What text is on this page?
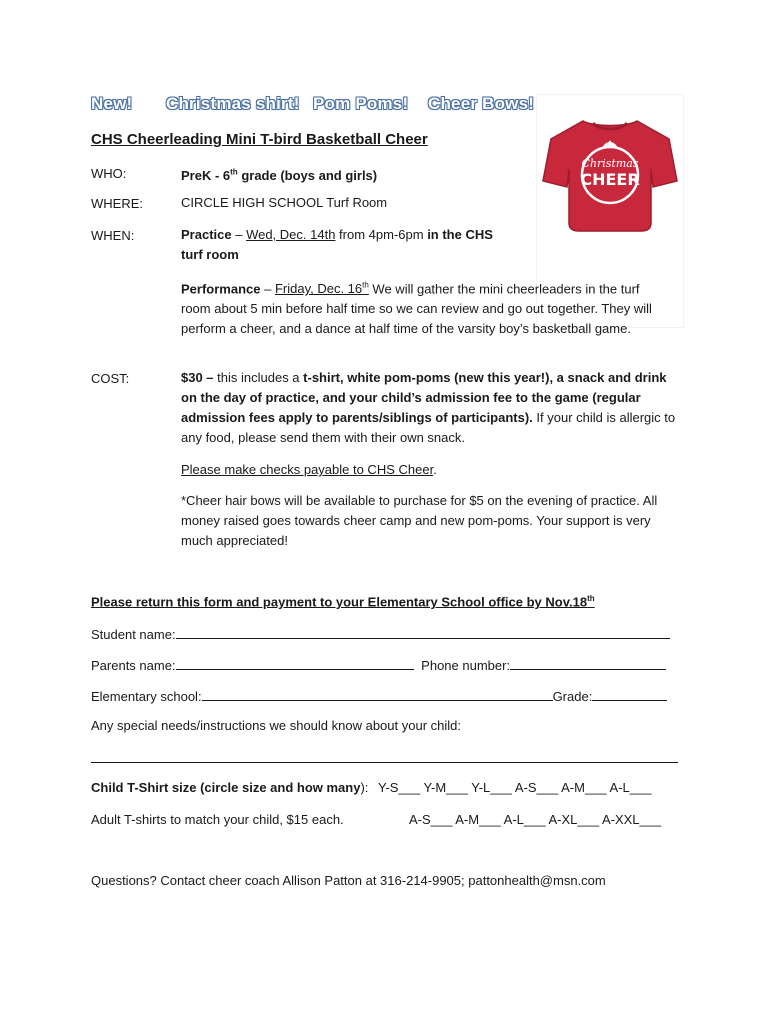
New! Christmas shirt! Pom Poms! Cheer Bows!
Christmas
CHEER
CHS Cheerleading Mini T-bird Basketball Cheer
WHO:	PreK - 6th grade (boys and girls)
WHERE:	CIRCLE HIGH SCHOOL Turf Room
WHEN:	Practice – Wed, Dec. 14th from 4pm-6pm in the CHS turf room
Performance – Friday, Dec. 16th We will gather the mini cheerleaders in the turf room about 5 min before half time so we can review and go out together. They will perform a cheer, and a dance at half time of the varsity boy’s basketball game.
COST:	$30 – this includes a t-shirt, white pom-poms (new this year!), a snack and drink on the day of practice, and your child’s admission fee to the game (regular admission fees apply to parents/siblings of participants). If your child is allergic to any food, please send them with their own snack.
Please make checks payable to CHS Cheer.
*Cheer hair bows will be available to purchase for $5 on the evening of practice. All money raised goes towards cheer camp and new pom-poms. Your support is very much appreciated!
Please return this form and payment to your Elementary School office by Nov.18th
Student name:
Parents name:	Phone number:
Elementary school:	Grade:
Any special needs/instructions we should know about your child:
Child T-Shirt size (circle size and how many): Y-S___ Y-M___ Y-L___ A-S___ A-M___ A-L___
Adult T-shirts to match your child, $15 each.	A-S___ A-M___ A-L___ A-XL___ A-XXL___
Questions? Contact cheer coach Allison Patton at 316-214-9905; pattonhealth@msn.com
